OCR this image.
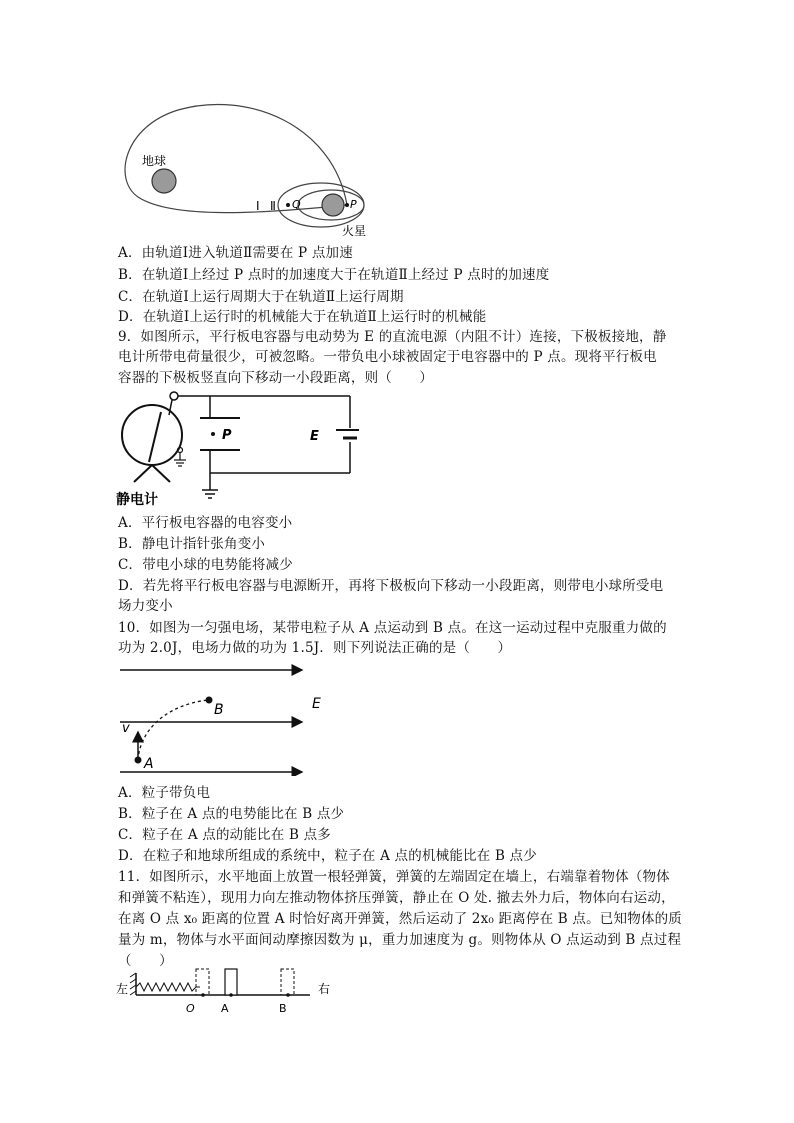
地球
Ⅰ Ⅱ Q	P
火星
A．由轨道Ⅰ进入轨道Ⅱ需要在 P 点加速
B．在轨道Ⅰ上经过 P 点时的加速度大于在轨道Ⅱ上经过 P 点时的加速度
C．在轨道Ⅰ上运行周期大于在轨道Ⅱ上运行周期
D．在轨道Ⅰ上运行时的机械能大于在轨道Ⅱ上运行时的机械能
9．如图所示，平行板电容器与电动势为 E 的直流电源（内阻不计）连接，下极板接地，静
电计所带电荷量很少，可被忽略。一带负电小球被固定于电容器中的 P 点。现将平行板电
容器的下极板竖直向下移动一小段距离，则（　　）
P	E
静电计
A．平行板电容器的电容变小
B．静电计指针张角变小
C．带电小球的电势能将减少
D．若先将平行板电容器与电源断开，再将下极板向下移动一小段距离，则带电小球所受电
场力变小
10．如图为一匀强电场，某带电粒子从 A 点运动到 B 点。在这一运动过程中克服重力做的
功为 2.0J，电场力做的功为 1.5J．则下列说法正确的是（　　）
E
B
A
v
A．粒子带负电
B．粒子在 A 点的电势能比在 B 点少
C．粒子在 A 点的动能比在 B 点多
D．在粒子和地球所组成的系统中，粒子在 A 点的机械能比在 B 点少
11．如图所示，水平地面上放置一根轻弹簧，弹簧的左端固定在墙上，右端靠着物体（物体
和弹簧不粘连），现用力向左推动物体挤压弹簧，静止在 O 处. 撤去外力后，物体向右运动，
在离 O 点 x₀ 距离的位置 A 时恰好离开弹簧，然后运动了 2x₀ 距离停在 B 点。已知物体的质
量为 m，物体与水平面间动摩擦因数为 μ，重力加速度为 g。则物体从 O 点运动到 B 点过程
（　　）
左	右
O A	B
